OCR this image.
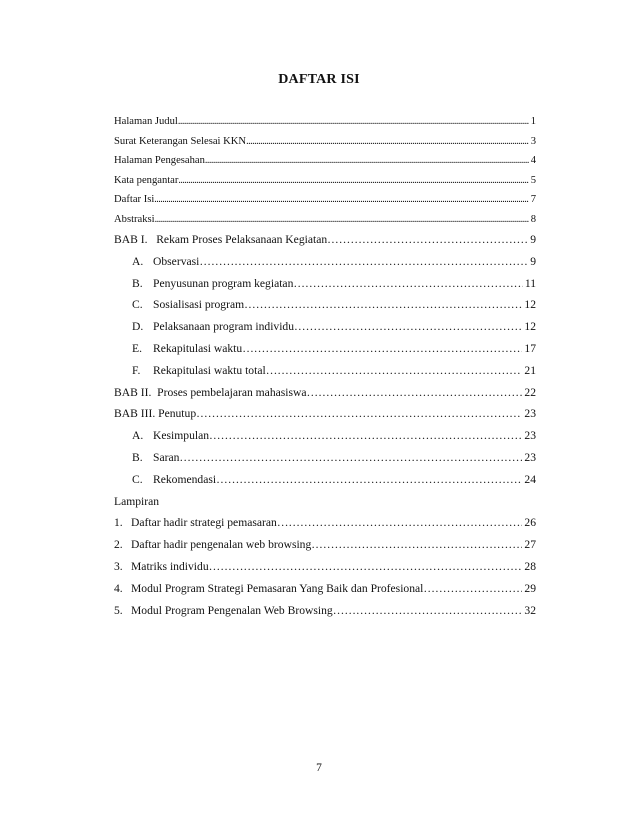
DAFTAR ISI
Halaman Judul .....	1
Surat Keterangan Selesai KKN .....	3
Halaman Pengesahan .....	4
Kata pengantar .....	5
Daftar Isi .....	7
Abstraksi .....	8
BAB I.   Rekam Proses Pelaksanaan Kegiatan ………………………………………………………………………………………………………………………………………………………………………………………………………………	9
A. Observasi ………………………………………………………………………………………………………………………………………………………………………………………………………………	9
B. Penyusunan program kegiatan ………………………………………………………………………………………………………………………………………………………………………………………………………………	11
C. Sosialisasi program ………………………………………………………………………………………………………………………………………………………………………………………………………………	12
D. Pelaksanaan program individu ………………………………………………………………………………………………………………………………………………………………………………………………………………	12
E. Rekapitulasi waktu ………………………………………………………………………………………………………………………………………………………………………………………………………………	17
F. Rekapitulasi waktu total ………………………………………………………………………………………………………………………………………………………………………………………………………………	21
BAB II.  Proses pembelajaran mahasiswa ………………………………………………………………………………………………………………………………………………………………………………………………………………	22
BAB III. Penutup ………………………………………………………………………………………………………………………………………………………………………………………………………………	23
A. Kesimpulan ………………………………………………………………………………………………………………………………………………………………………………………………………………	23
B. Saran ………………………………………………………………………………………………………………………………………………………………………………………………………………	23
C. Rekomendasi ………………………………………………………………………………………………………………………………………………………………………………………………………………	24
Lampiran
1. Daftar hadir strategi pemasaran ………………………………………………………………………………………………………………………………………………………………………………………………………………	26
2. Daftar hadir pengenalan web browsing ………………………………………………………………………………………………………………………………………………………………………………………………………………	27
3. Matriks individu ………………………………………………………………………………………………………………………………………………………………………………………………………………	28
4. Modul Program Strategi Pemasaran Yang Baik dan Profesional ………………………………………………………………………………………………………………………………………………………………………………………………………………	29
5. Modul Program Pengenalan Web Browsing ………………………………………………………………………………………………………………………………………………………………………………………………………………	32
7
